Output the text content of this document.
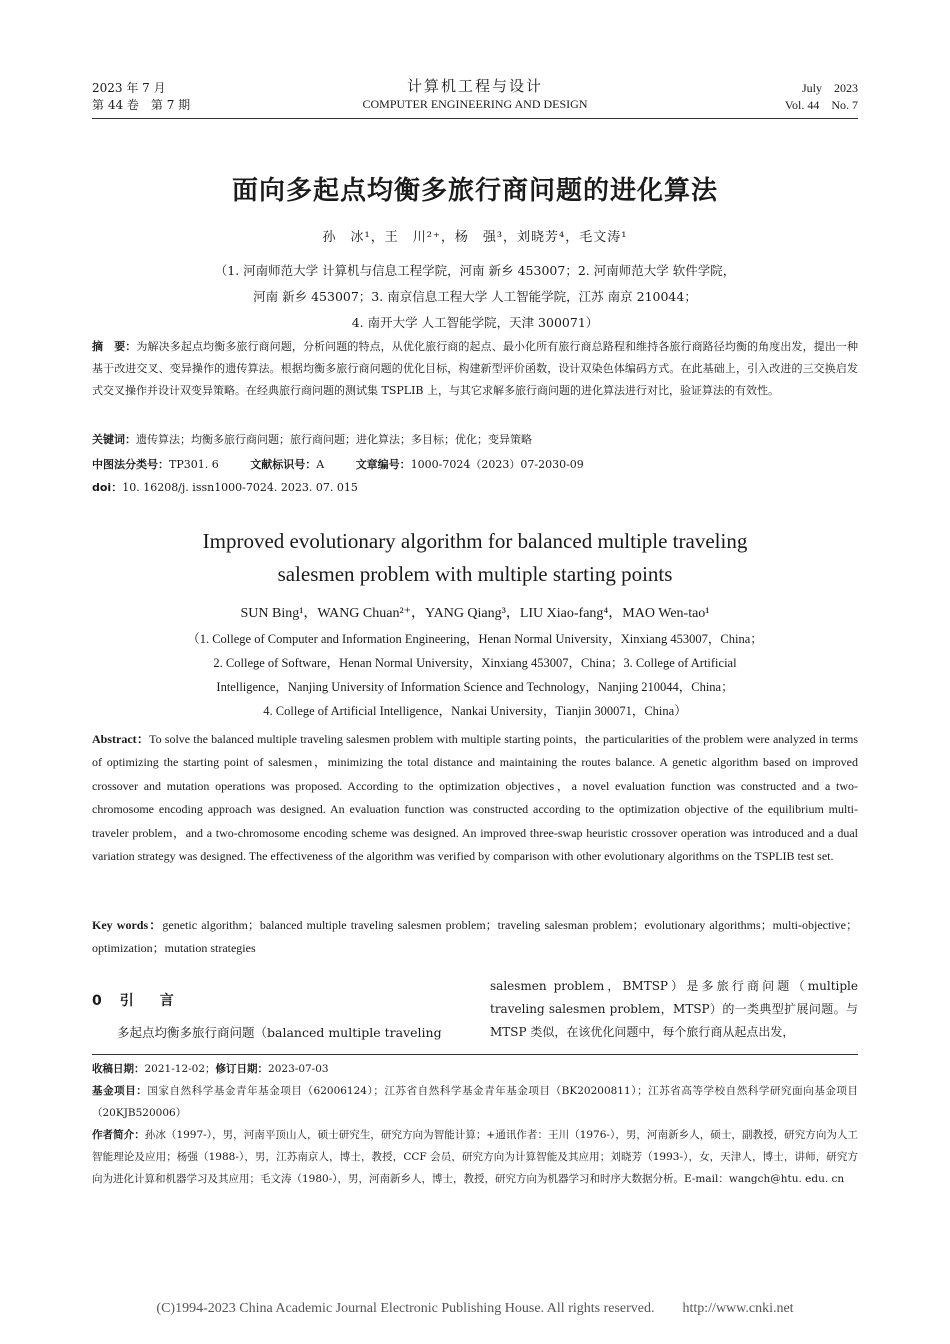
2023 年 7 月
第 44 卷　第 7 期
计算机工程与设计
COMPUTER ENGINEERING AND DESIGN
July　2023
Vol. 44　No. 7
面向多起点均衡多旅行商问题的进化算法
孙　冰¹，王　川²⁺，杨　强³，刘晓芳⁴，毛文涛¹
（1. 河南师范大学 计算机与信息工程学院，河南 新乡 453007；2. 河南师范大学 软件学院，
河南 新乡 453007；3. 南京信息工程大学 人工智能学院，江苏 南京 210044；
4. 南开大学 人工智能学院，天津 300071）
摘　要：为解决多起点均衡多旅行商问题，分析问题的特点，从优化旅行商的起点、最小化所有旅行商总路程和维持各旅行商路径均衡的角度出发，提出一种基于改进交叉、变异操作的遗传算法。根据均衡多旅行商问题的优化目标，构建新型评价函数，设计双染色体编码方式。在此基础上，引入改进的三交换启发式交叉操作并设计双变异策略。在经典旅行商问题的测试集 TSPLIB 上，与其它求解多旅行商问题的进化算法进行对比，验证算法的有效性。
关键词：遗传算法；均衡多旅行商问题；旅行商问题；进化算法；多目标；优化；变异策略
中图法分类号：TP301. 6	文献标识号：A	文章编号：1000-7024（2023）07-2030-09
doi：10. 16208/j. issn1000-7024. 2023. 07. 015
Improved evolutionary algorithm for balanced multiple traveling
salesmen problem with multiple starting points
SUN Bing¹，WANG Chuan²⁺，YANG Qiang³，LIU Xiao-fang⁴，MAO Wen-tao¹
（1. College of Computer and Information Engineering，Henan Normal University，Xinxiang 453007，China；
2. College of Software，Henan Normal University，Xinxiang 453007，China；3. College of Artificial
Intelligence，Nanjing University of Information Science and Technology，Nanjing 210044，China；
4. College of Artificial Intelligence，Nankai University，Tianjin 300071，China）
Abstract：To solve the balanced multiple traveling salesmen problem with multiple starting points，the particularities of the problem were analyzed in terms of optimizing the starting point of salesmen，minimizing the total distance and maintaining the routes balance. A genetic algorithm based on improved crossover and mutation operations was proposed. According to the optimization objectives，a novel evaluation function was constructed and a two-chromosome encoding approach was designed. An evaluation function was constructed according to the optimization objective of the equilibrium multi-traveler problem，and a two-chromosome encoding scheme was designed. An improved three-swap heuristic crossover operation was introduced and a dual variation strategy was designed. The effectiveness of the algorithm was verified by comparison with other evolutionary algorithms on the TSPLIB test set.
Key words：genetic algorithm；balanced multiple traveling salesmen problem；traveling salesman problem；evolutionary algorithms；multi-objective；optimization；mutation strategies
0 引　言
多起点均衡多旅行商问题（balanced multiple traveling
salesmen problem，BMTSP）是多旅行商问题（multiple traveling salesmen problem，MTSP）的一类典型扩展问题。与 MTSP 类似，在该优化问题中，每个旅行商从起点出发，
收稿日期：2021-12-02；修订日期：2023-07-03
基金项目：国家自然科学基金青年基金项目（62006124）；江苏省自然科学基金青年基金项目（BK20200811）；江苏省高等学校自然科学研究面向基金项目（20KJB520006）
作者简介：孙冰（1997-），男，河南平顶山人，硕士研究生，研究方向为智能计算；+通讯作者：王川（1976-），男，河南新乡人，硕士，副教授，研究方向为人工智能理论及应用；杨强（1988-），男，江苏南京人，博士，教授，CCF 会员，研究方向为计算智能及其应用；刘晓芳（1993-），女，天津人，博士，讲师，研究方向为进化计算和机器学习及其应用；毛文涛（1980-），男，河南新乡人，博士，教授，研究方向为机器学习和时序大数据分析。E-mail：wangch@htu. edu. cn
(C)1994-2023 China Academic Journal Electronic Publishing House. All rights reserved.　　http://www.cnki.net
